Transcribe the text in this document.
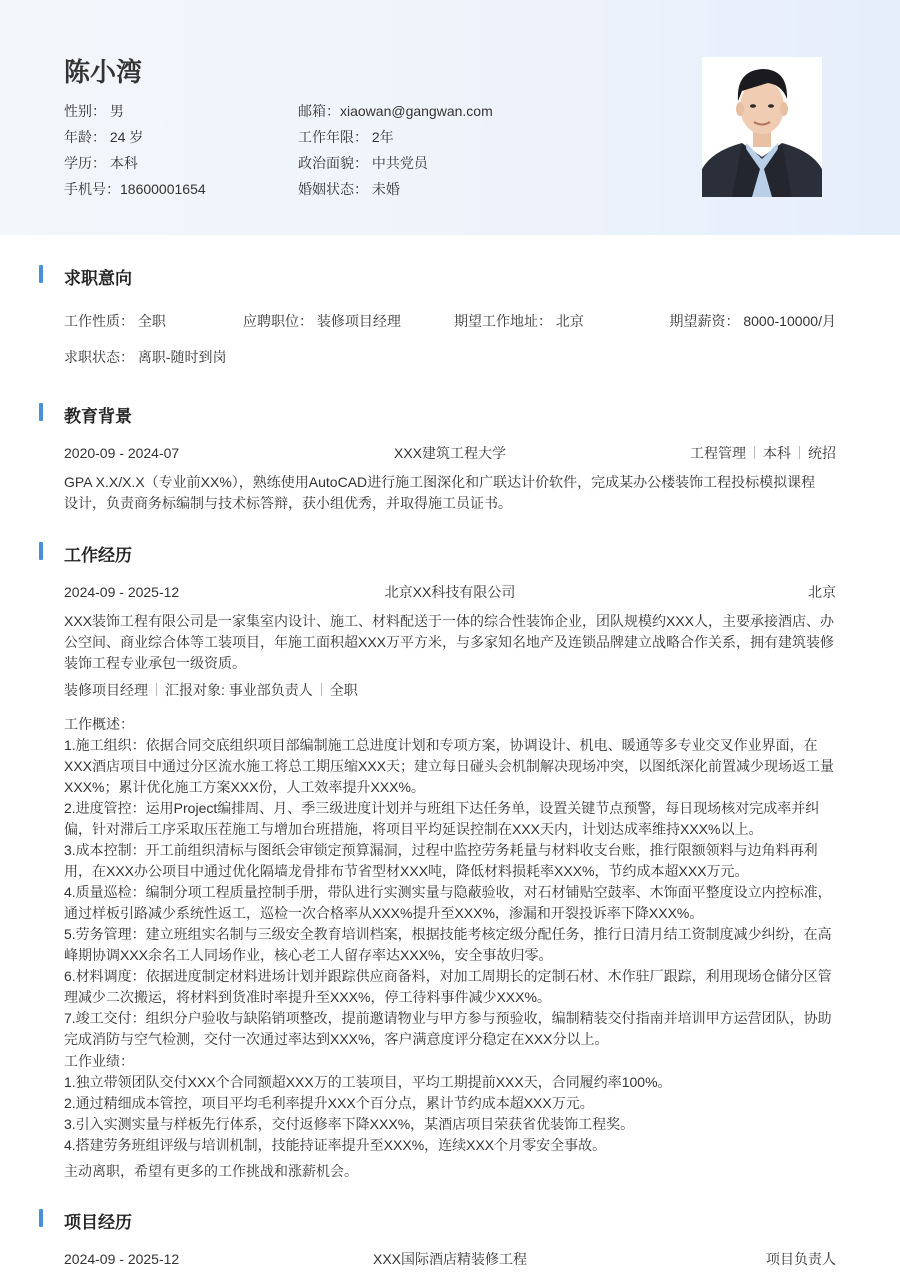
陈小湾
性别： 男
年龄： 24 岁
学历： 本科
手机号：18600001654
邮箱：xiaowan@gangwan.com
工作年限： 2年
政治面貌： 中共党员
婚姻状态： 未婚
求职意向
工作性质： 全职	应聘职位： 装修项目经理	期望工作地址： 北京	期望薪资： 8000-10000/月
求职状态： 离职-随时到岗
教育背景
2020-09 - 2024-07	XXX建筑工程大学	工程管理 本科 统招
GPA X.X/X.X（专业前XX%），熟练使用AutoCAD进行施工图深化和广联达计价软件，完成某办公楼装饰工程投标模拟课程
设计，负责商务标编制与技术标答辩，获小组优秀，并取得施工员证书。
工作经历
2024-09 - 2025-12	北京XX科技有限公司	北京
XXX装饰工程有限公司是一家集室内设计、施工、材料配送于一体的综合性装饰企业，团队规模约XXX人，主要承接酒店、办
公空间、商业综合体等工装项目，年施工面积超XXX万平方米，与多家知名地产及连锁品牌建立战略合作关系，拥有建筑装修
装饰工程专业承包一级资质。
装修项目经理 汇报对象: 事业部负责人 全职
工作概述：
1.施工组织：依据合同交底组织项目部编制施工总进度计划和专项方案，协调设计、机电、暖通等多专业交叉作业界面，在
XXX酒店项目中通过分区流水施工将总工期压缩XXX天；建立每日碰头会机制解决现场冲突，以图纸深化前置减少现场返工量
XXX%；累计优化施工方案XXX份，人工效率提升XXX%。
2.进度管控：运用Project编排周、月、季三级进度计划并与班组下达任务单，设置关键节点预警，每日现场核对完成率并纠
偏，针对滞后工序采取压茬施工与增加台班措施，将项目平均延误控制在XXX天内，计划达成率维持XXX%以上。
3.成本控制：开工前组织清标与图纸会审锁定预算漏洞，过程中监控劳务耗量与材料收支台账，推行限额领料与边角料再利
用，在XXX办公项目中通过优化隔墙龙骨排布节省型材XXX吨，降低材料损耗率XXX%，节约成本超XXX万元。
4.质量巡检：编制分项工程质量控制手册，带队进行实测实量与隐蔽验收，对石材铺贴空鼓率、木饰面平整度设立内控标准，
通过样板引路减少系统性返工，巡检一次合格率从XXX%提升至XXX%，渗漏和开裂投诉率下降XXX%。
5.劳务管理：建立班组实名制与三级安全教育培训档案，根据技能考核定级分配任务，推行日清月结工资制度减少纠纷，在高
峰期协调XXX余名工人同场作业，核心老工人留存率达XXX%，安全事故归零。
6.材料调度：依据进度制定材料进场计划并跟踪供应商备料，对加工周期长的定制石材、木作驻厂跟踪，利用现场仓储分区管
理减少二次搬运，将材料到货准时率提升至XXX%，停工待料事件减少XXX%。
7.竣工交付：组织分户验收与缺陷销项整改，提前邀请物业与甲方参与预验收，编制精装交付指南并培训甲方运营团队，协助
完成消防与空气检测，交付一次通过率达到XXX%，客户满意度评分稳定在XXX分以上。
工作业绩：
1.独立带领团队交付XXX个合同额超XXX万的工装项目，平均工期提前XXX天，合同履约率100%。
2.通过精细成本管控，项目平均毛利率提升XXX个百分点，累计节约成本超XXX万元。
3.引入实测实量与样板先行体系，交付返修率下降XXX%，某酒店项目荣获省优装饰工程奖。
4.搭建劳务班组评级与培训机制，技能持证率提升至XXX%，连续XXX个月零安全事故。
主动离职，希望有更多的工作挑战和涨薪机会。
项目经历
2024-09 - 2025-12	XXX国际酒店精装修工程	项目负责人
